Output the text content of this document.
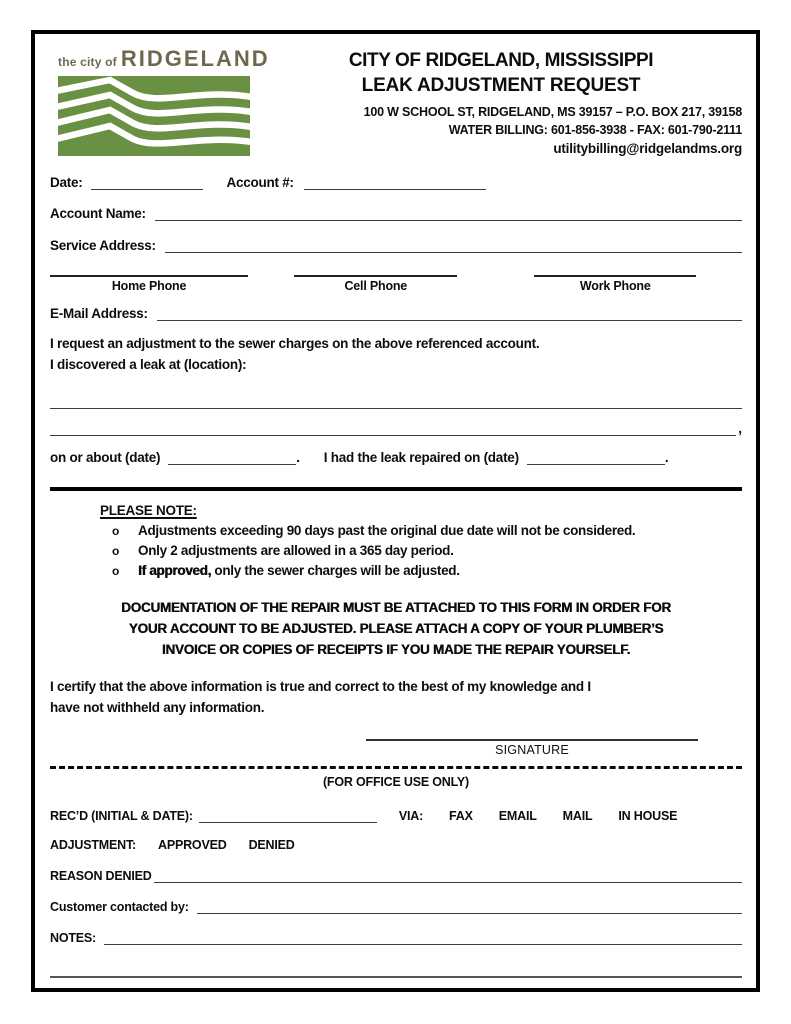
the city of RIDGELAND	CITY OF RIDGELAND, MISSISSIPPI
LEAK ADJUSTMENT REQUEST
100 W SCHOOL ST, RIDGELAND, MS 39157 – P.O. BOX 217, 39158
WATER BILLING: 601-856-3938 - FAX: 601-790-2111
utilitybilling@ridgelandms.org
Date:	Account #:
Account Name:
Service Address:
Home Phone	Cell Phone	Work Phone
E-Mail Address:
I request an adjustment to the sewer charges on the above referenced account.
I discovered a leak at (location):
,
on or about (date)	. I had the leak repaired on (date)	.
PLEASE NOTE:
o	Adjustments exceeding 90 days past the original due date will not be considered.
o	Only 2 adjustments are allowed in a 365 day period.
o	If approved, only the sewer charges will be adjusted.
DOCUMENTATION OF THE REPAIR MUST BE ATTACHED TO THIS FORM IN ORDER FOR
YOUR ACCOUNT TO BE ADJUSTED. PLEASE ATTACH A COPY OF YOUR PLUMBER’S
INVOICE OR COPIES OF RECEIPTS IF YOU MADE THE REPAIR YOURSELF.
I certify that the above information is true and correct to the best of my knowledge and I
have not withheld any information.
SIGNATURE
(FOR OFFICE USE ONLY)
REC’D (INITIAL & DATE):	VIA: FAX EMAIL MAIL IN HOUSE
ADJUSTMENT: APPROVED DENIED
REASON DENIED
Customer contacted by:
NOTES:
